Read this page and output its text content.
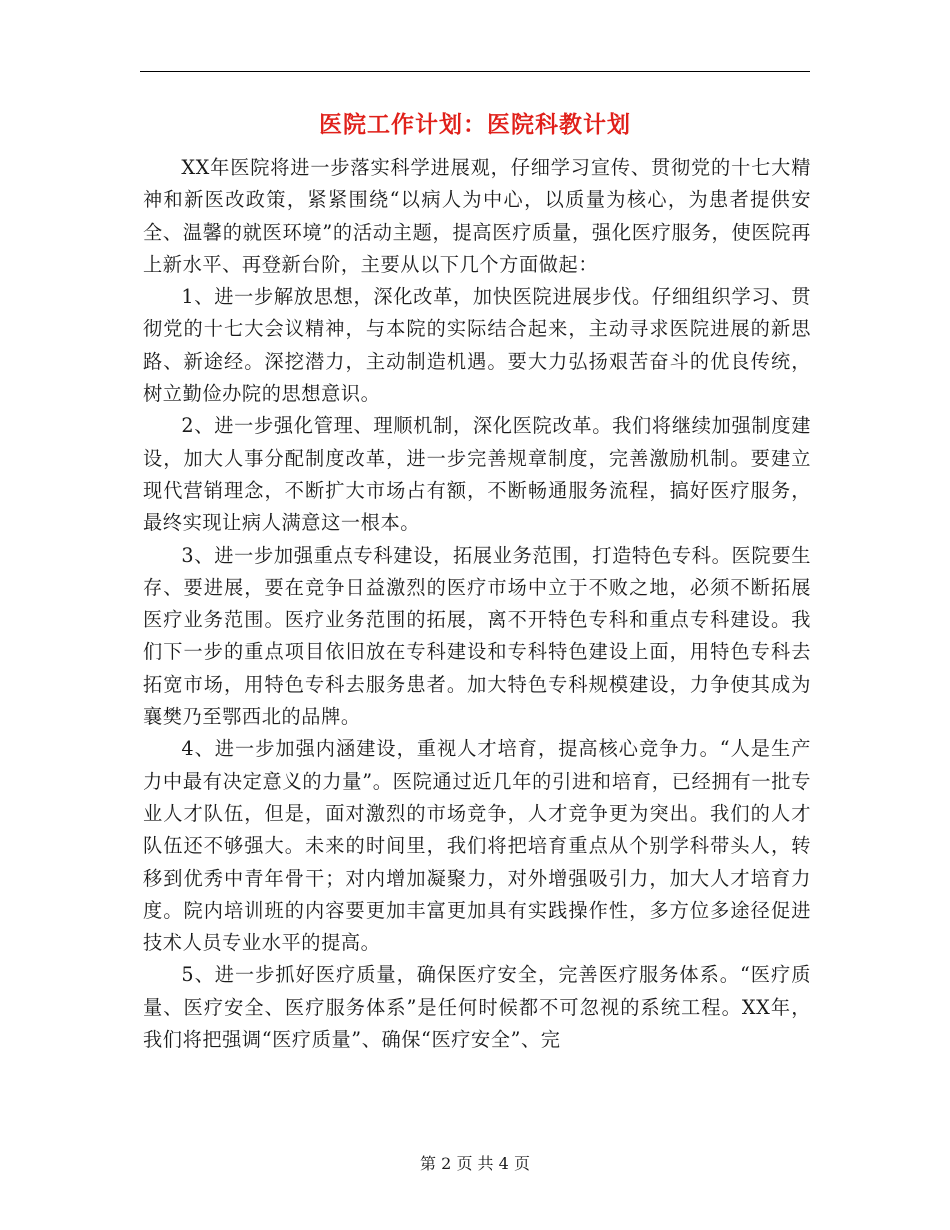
医院工作计划：医院科教计划

XX年医院将进一步落实科学进展观，仔细学习宣传、贯彻党的十七大精神和新医改政策，紧紧围绕“以病人为中心，以质量为核心，为患者提供安全、温馨的就医环境”的活动主题，提高医疗质量，强化医疗服务，使医院再上新水平、再登新台阶，主要从以下几个方面做起：

1、进一步解放思想，深化改革，加快医院进展步伐。仔细组织学习、贯彻党的十七大会议精神，与本院的实际结合起来，主动寻求医院进展的新思路、新途经。深挖潜力，主动制造机遇。要大力弘扬艰苦奋斗的优良传统，树立勤俭办院的思想意识。

2、进一步强化管理、理顺机制，深化医院改革。我们将继续加强制度建设，加大人事分配制度改革，进一步完善规章制度，完善激励机制。要建立现代营销理念，不断扩大市场占有额，不断畅通服务流程，搞好医疗服务，最终实现让病人满意这一根本。

3、进一步加强重点专科建设，拓展业务范围，打造特色专科。医院要生存、要进展，要在竞争日益激烈的医疗市场中立于不败之地，必须不断拓展医疗业务范围。医疗业务范围的拓展，离不开特色专科和重点专科建设。我们下一步的重点项目依旧放在专科建设和专科特色建设上面，用特色专科去拓宽市场，用特色专科去服务患者。加大特色专科规模建设，力争使其成为襄樊乃至鄂西北的品牌。

4、进一步加强内涵建设，重视人才培育，提高核心竞争力。“人是生产力中最有决定意义的力量”。医院通过近几年的引进和培育，已经拥有一批专业人才队伍，但是，面对激烈的市场竞争，人才竞争更为突出。我们的人才队伍还不够强大。未来的时间里，我们将把培育重点从个别学科带头人，转移到优秀中青年骨干；对内增加凝聚力，对外增强吸引力，加大人才培育力度。院内培训班的内容要更加丰富更加具有实践操作性，多方位多途径促进技术人员专业水平的提高。

5、进一步抓好医疗质量，确保医疗安全，完善医疗服务体系。“医疗质量、医疗安全、医疗服务体系”是任何时候都不可忽视的系统工程。XX年，我们将把强调“医疗质量”、确保“医疗安全”、完

第 2 页 共 4 页
